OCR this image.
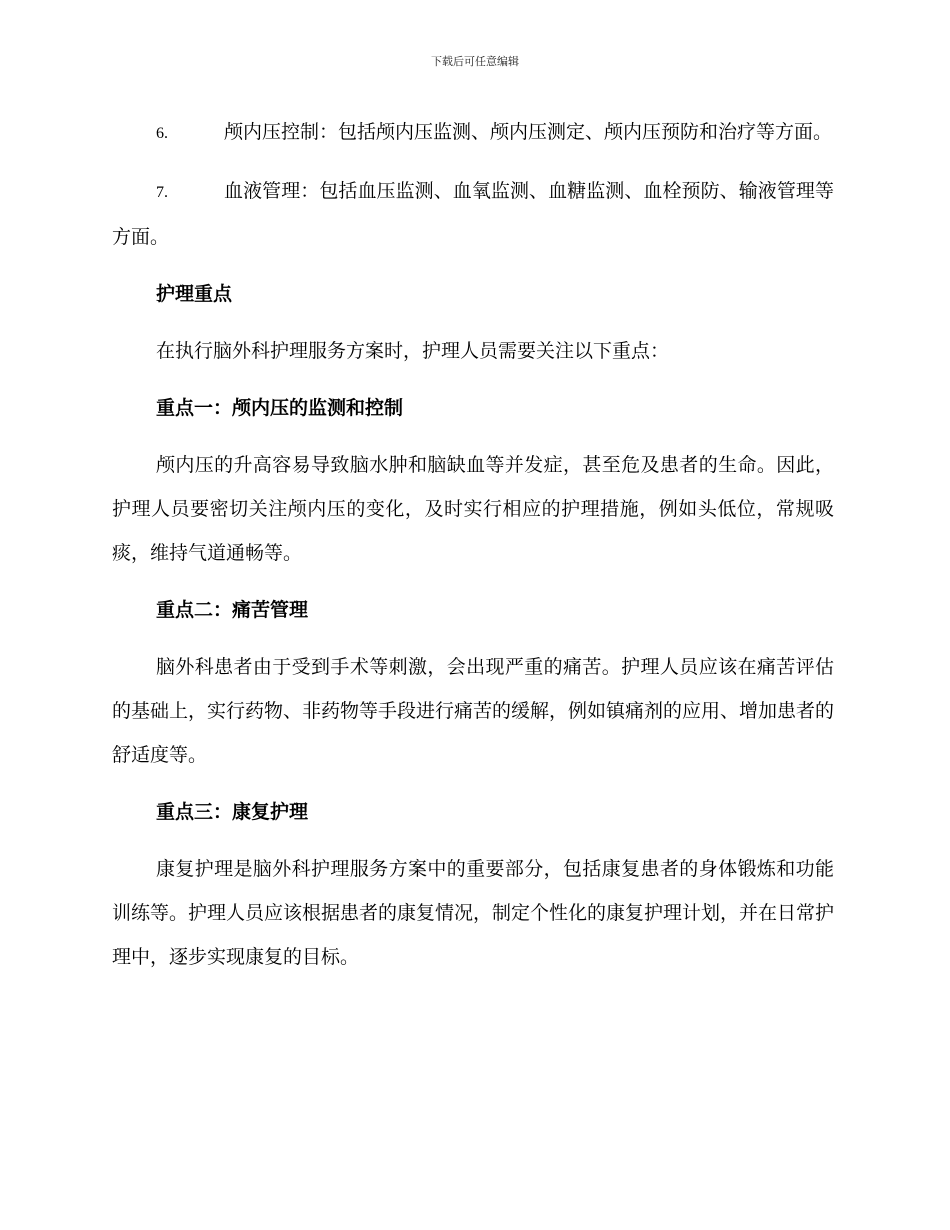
下载后可任意编辑

6.	颅内压控制：包括颅内压监测、颅内压测定、颅内压预防和治疗等方面。

7.	血液管理：包括血压监测、血氧监测、血糖监测、血栓预防、输液管理等方面。

护理重点

在执行脑外科护理服务方案时，护理人员需要关注以下重点：

重点一：颅内压的监测和控制

颅内压的升高容易导致脑水肿和脑缺血等并发症，甚至危及患者的生命。因此，护理人员要密切关注颅内压的变化，及时实行相应的护理措施，例如头低位，常规吸痰，维持气道通畅等。

重点二：痛苦管理

脑外科患者由于受到手术等刺激，会出现严重的痛苦。护理人员应该在痛苦评估的基础上，实行药物、非药物等手段进行痛苦的缓解，例如镇痛剂的应用、增加患者的舒适度等。

重点三：康复护理

康复护理是脑外科护理服务方案中的重要部分，包括康复患者的身体锻炼和功能训练等。护理人员应该根据患者的康复情况，制定个性化的康复护理计划，并在日常护理中，逐步实现康复的目标。
